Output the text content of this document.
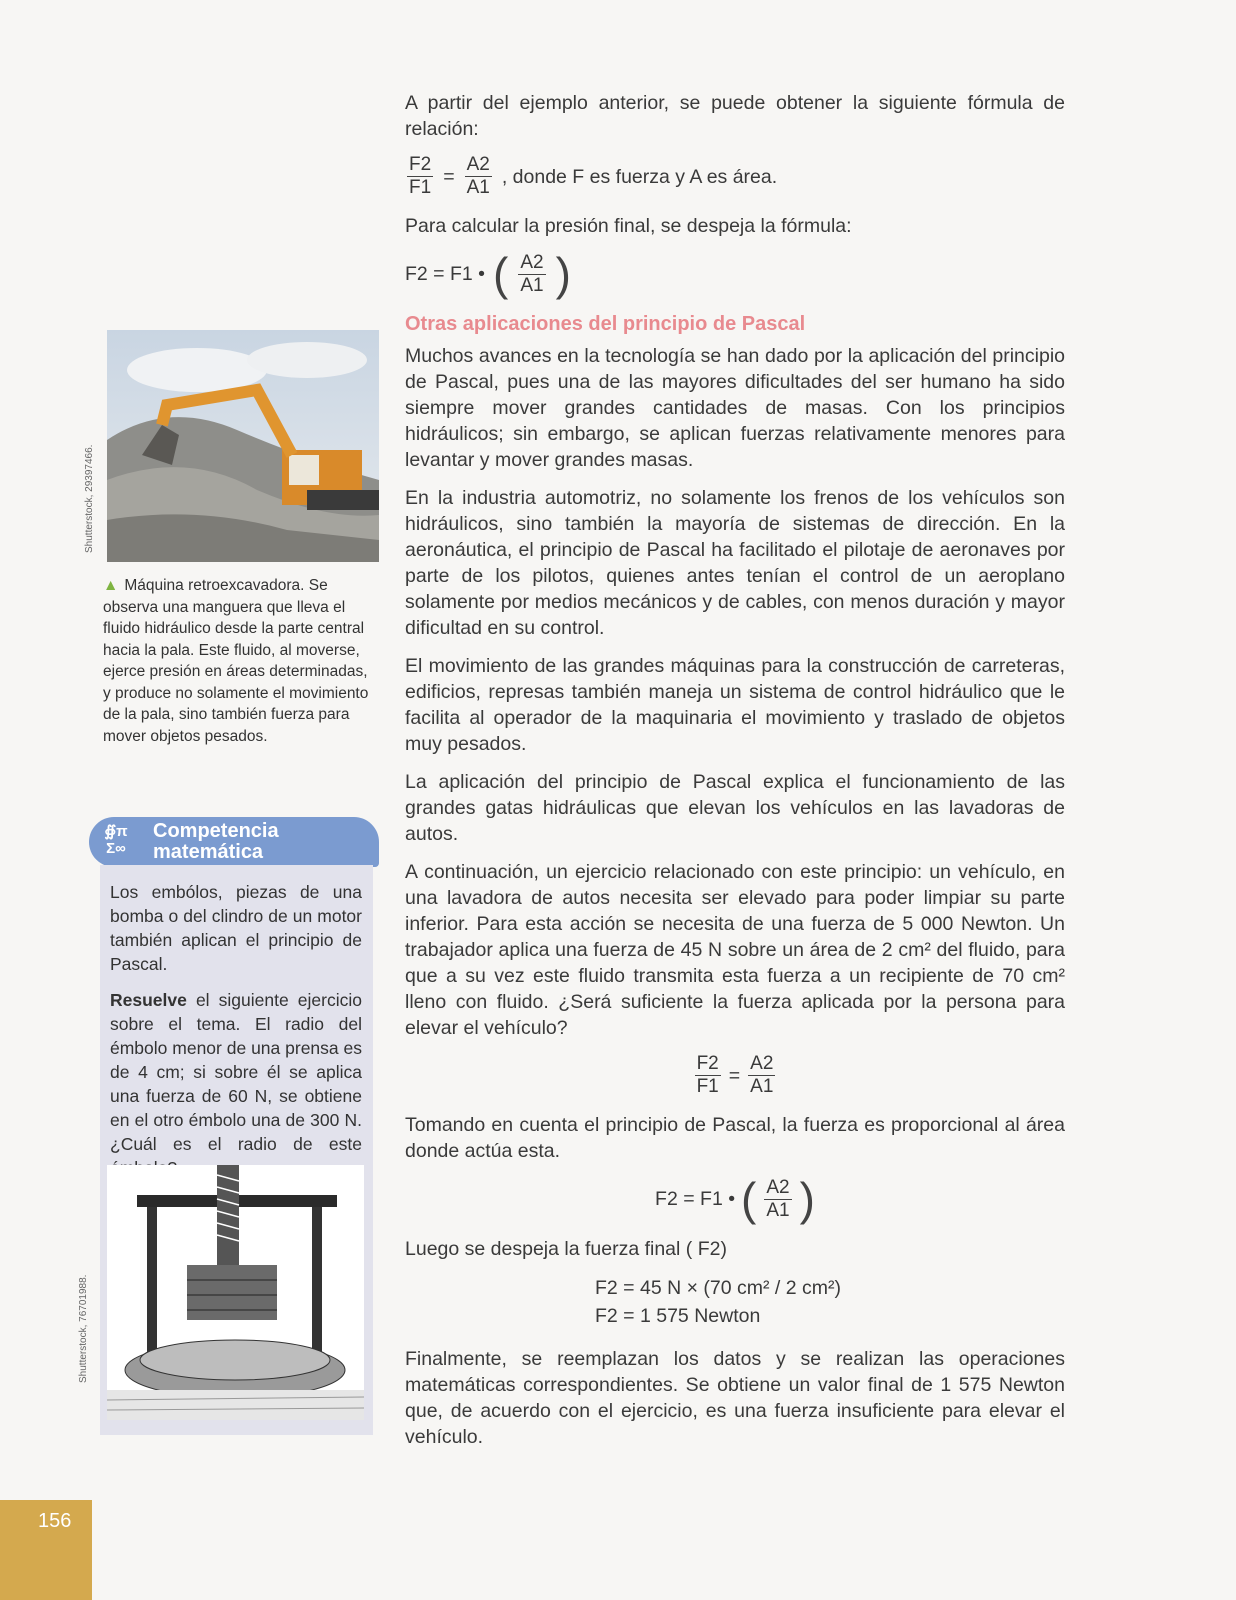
A partir del ejemplo anterior, se puede obtener la siguiente fórmula de relación:

$\frac{F2}{F1} = \frac{A2}{A1}$ , donde F es fuerza y A es área.

Para calcular la presión final, se despeja la fórmula:

F2 = F1 • ( $\frac{A2}{A1}$ )
Otras aplicaciones del principio de Pascal

Muchos avances en la tecnología se han dado por la aplicación del principio de Pascal, pues una de las mayores dificultades del ser humano ha sido siempre mover grandes cantidades de masas. Con los principios hidráulicos; sin embargo, se aplican fuerzas relativamente menores para levantar y mover grandes masas.

En la industria automotriz, no solamente los frenos de los vehículos son hidráulicos, sino también la mayoría de sistemas de dirección. En la aeronáutica, el principio de Pascal ha facilitado el pilotaje de aeronaves por parte de los pilotos, quienes antes tenían el control de un aeroplano solamente por medios mecánicos y de cables, con menos duración y mayor dificultad en su control.

El movimiento de las grandes máquinas para la construcción de carreteras, edificios, represas también maneja un sistema de control hidráulico que le facilita al operador de la maquinaria el movimiento y traslado de objetos muy pesados.

La aplicación del principio de Pascal explica el funcionamiento de las grandes gatas hidráulicas que elevan los vehículos en las lavadoras de autos.

A continuación, un ejercicio relacionado con este principio: un vehículo, en una lavadora de autos necesita ser elevado para poder limpiar su parte inferior. Para esta acción se necesita de una fuerza de 5 000 Newton. Un trabajador aplica una fuerza de 45 N sobre un área de 2 cm² del fluido, para que a su vez este fluido transmita esta fuerza a un recipiente de 70 cm² lleno con fluido. ¿Será suficiente la fuerza aplicada por la persona para elevar el vehículo?

$\frac{F2}{F1} = \frac{A2}{A1}$

Tomando en cuenta el principio de Pascal, la fuerza es proporcional al área donde actúa esta.

F2 = F1 • ( $\frac{A2}{A1}$ )

Luego se despeja la fuerza final ( F2)

F2 = 45 N × (70 cm² / 2 cm²)
F2 = 1 575 Newton

Finalmente, se reemplazan los datos y se realizan las operaciones matemáticas correspondientes. Se obtiene un valor final de 1 575 Newton que, de acuerdo con el ejercicio, es una fuerza insuficiente para elevar el vehículo.

Shutterstock, 29397466.
▲ Máquina retroexcavadora. Se observa una manguera que lleva el fluido hidráulico desde la parte central hacia la pala. Este fluido, al moverse, ejerce presión en áreas determinadas, y produce no solamente el movimiento de la pala, sino también fuerza para mover objetos pesados.
∯π
Σ∞
Competencia
matemática

Los embólos, piezas de una bomba o del clindro de un motor también aplican el principio de Pascal.

Resuelve el siguiente ejercicio sobre el tema. El radio del émbolo menor de una prensa es de 4 cm; si sobre él se aplica una fuerza de 60 N, se obtiene en el otro émbolo una de 300 N. ¿Cuál es el radio de este

Shutterstock, 76701988.
156
